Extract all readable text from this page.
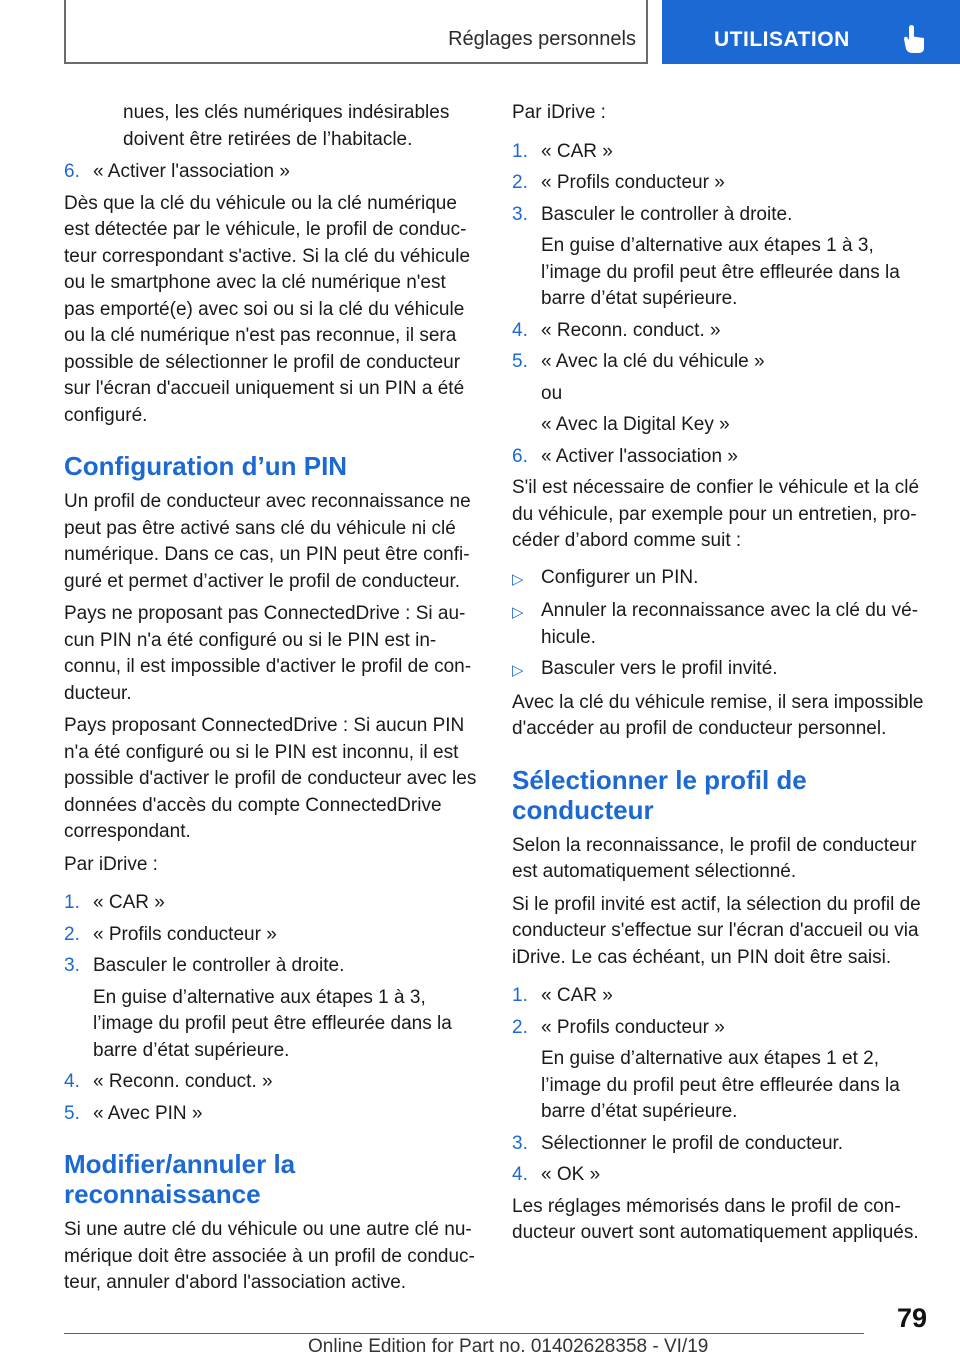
Réglages personnels	UTILISATION

nues, les clés numériques indésirables doivent être retirées de l’habitacle.

6. « Activer l'association »

Dès que la clé du véhicule ou la clé numérique est détectée par le véhicule, le profil de conducteur correspondant s'active. Si la clé du véhicule ou le smartphone avec la clé numérique n'est pas emporté(e) avec soi ou si la clé du véhicule ou la clé numérique n'est pas reconnue, il sera possible de sélectionner le profil de conducteur sur l'écran d'accueil uniquement si un PIN a été configuré.

Configuration d’un PIN

Un profil de conducteur avec reconnaissance ne peut pas être activé sans clé du véhicule ni clé numérique. Dans ce cas, un PIN peut être configuré et permet d’activer le profil de conducteur.

Pays ne proposant pas ConnectedDrive : Si aucun PIN n'a été configuré ou si le PIN est inconnu, il est impossible d'activer le profil de conducteur.

Pays proposant ConnectedDrive : Si aucun PIN n'a été configuré ou si le PIN est inconnu, il est possible d'activer le profil de conducteur avec les données d'accès du compte ConnectedDrive correspondant.

Par iDrive :

1. « CAR »
2. « Profils conducteur »
3. Basculer le controller à droite.
En guise d’alternative aux étapes 1 à 3, l’image du profil peut être effleurée dans la barre d’état supérieure.
4. « Reconn. conduct. »
5. « Avec PIN »
Modifier/annuler la reconnaissance

Si une autre clé du véhicule ou une autre clé numérique doit être associée à un profil de conducteur, annuler d'abord l'association active.

Par iDrive :

1. « CAR »
2. « Profils conducteur »
3. Basculer le controller à droite.
En guise d’alternative aux étapes 1 à 3, l’image du profil peut être effleurée dans la barre d’état supérieure.
4. « Reconn. conduct. »
5. « Avec la clé du véhicule »
ou
« Avec la Digital Key »
6. « Activer l'association »

S'il est nécessaire de confier le véhicule et la clé du véhicule, par exemple pour un entretien, procéder d’abord comme suit :

▷ Configurer un PIN.
▷ Annuler la reconnaissance avec la clé du véhicule.
▷ Basculer vers le profil invité.

Avec la clé du véhicule remise, il sera impossible d'accéder au profil de conducteur personnel.

Sélectionner le profil de conducteur

Selon la reconnaissance, le profil de conducteur est automatiquement sélectionné.

Si le profil invité est actif, la sélection du profil de conducteur s'effectue sur l'écran d'accueil ou via iDrive. Le cas échéant, un PIN doit être saisi.

1. « CAR »
2. « Profils conducteur »
En guise d’alternative aux étapes 1 et 2, l’image du profil peut être effleurée dans la barre d’état supérieure.
3. Sélectionner le profil de conducteur.
4. « OK »

Les réglages mémorisés dans le profil de conducteur ouvert sont automatiquement appliqués.

79
Online Edition for Part no. 01402628358 - VI/19
